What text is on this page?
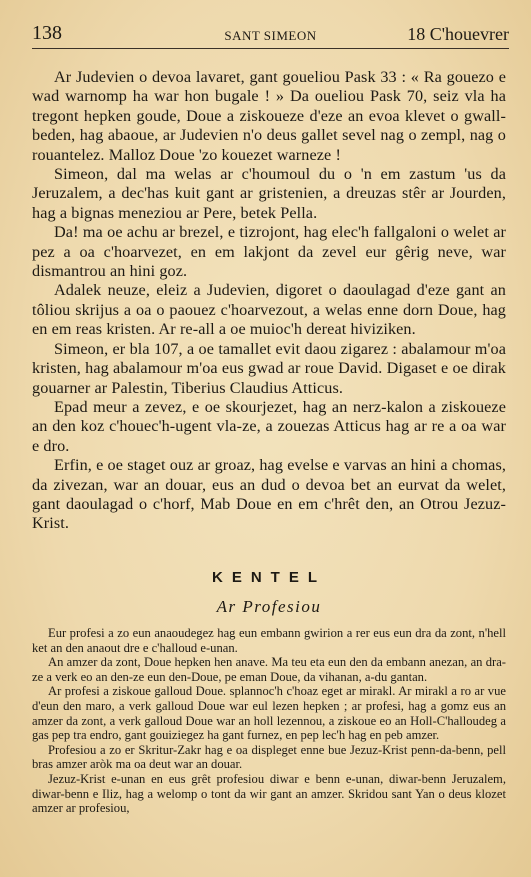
138	SANT SIMEON	18 C'houevrer

Ar Judevien o devoa lavaret, gant goueliou Pask 33 : « Ra gouezo e wad warnomp ha war hon bugale ! » Da oueliou Pask 70, seiz vla ha tregont hepken goude, Doue a ziskoueze d'eze an evoa klevet o gwall-beden, hag abaoue, ar Judevien n'o deus gallet sevel nag o zempl, nag o rouantelez. Malloz Doue 'zo kouezet warneze !

Simeon, dal ma welas ar c'houmoul du o 'n em zastum 'us da Jeruzalem, a dec'has kuit gant ar gristenien, a dreuzas stêr ar Jourden, hag a bignas meneziou ar Pere, betek Pella.

Da! ma oe achu ar brezel, e tizrojont, hag elec'h fallgaloni o welet ar pez a oa c'hoarvezet, en em lakjont da zevel eur gêrig neve, war dismantrou an hini goz.

Adalek neuze, eleiz a Judevien, digoret o daoulagad d'eze gant an tôliou skrijus a oa o paouez c'hoarvezout, a welas enne dorn Doue, hag en em reas kristen. Ar re-all a oe muioc'h dereat hiviziken.

Simeon, er bla 107, a oe tamallet evit daou zigarez : abalamour m'oa kristen, hag abalamour m'oa eus gwad ar roue David. Digaset e oe dirak gouarner ar Palestin, Tiberius Claudius Atticus.

Epad meur a zevez, e oe skourjezet, hag an nerz-kalon a ziskoueze an den koz c'houec'h-ugent vla-ze, a zouezas Atticus hag ar re a oa war e dro.

Erfin, e oe staget ouz ar groaz, hag evelse e varvas an hini a chomas, da zivezan, war an douar, eus an dud o devoa bet an eurvat da welet, gant daoulagad o c'horf, Mab Doue en em c'hrêt den, an Otrou Jezuz-Krist.

KENTEL
Ar Profesiou

Eur profesi a zo eun anaoudegez hag eun embann gwirion a rer eus eun dra da zont, n'hell ket an den anaout dre e c'halloud e-unan.

An amzer da zont, Doue hepken hen anave. Ma teu eta eun den da embann anezan, an dra-ze a verk eo an den-ze eun den-Doue, pe eman Doue, da vihanan, a-du gantan.

Ar profesi a ziskoue galloud Doue. splannoc'h c'hoaz eget ar mirakl. Ar mirakl a ro ar vue d'eun den maro, a verk galloud Doue war eul lezen hepken ; ar profesi, hag a gomz eus an amzer da zont, a verk galloud Doue war an holl lezennou, a ziskoue eo an Holl-C'halloudeg a gas pep tra endro, gant gouiziegez ha gant furnez, en pep lec'h hag en peb amzer.

Profesiou a zo er Skritur-Zakr hag e oa displeget enne bue Jezuz-Krist penn-da-benn, pell bras amzer aròk ma oa deut war an douar.

Jezuz-Krist e-unan en eus grêt profesiou diwar e benn e-unan, diwar-benn Jeruzalem, diwar-benn e Iliz, hag a welomp o tont da wir gant an amzer. Skridou sant Yan o deus klozet amzer ar profesiou,
